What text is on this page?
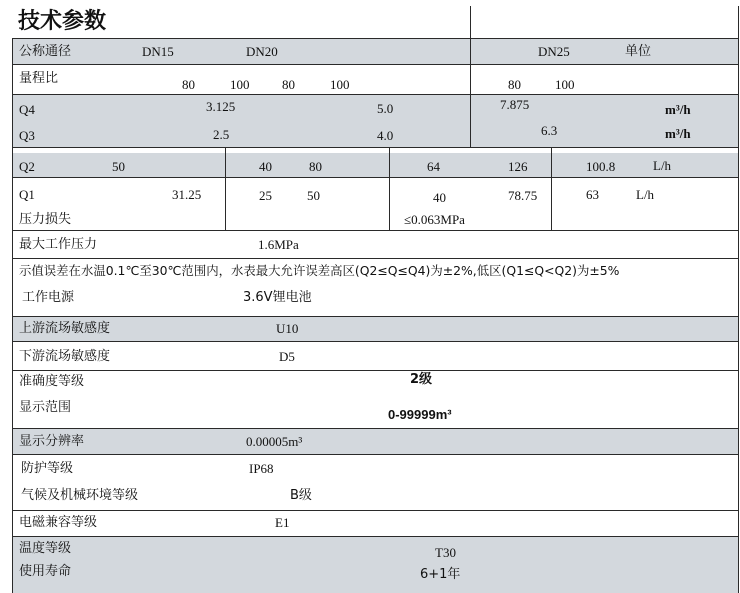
技术参数
公称通径	DN15	DN20	DN25	单位
量程比	80	100	80	100	80	100
Q4	3.125	5.0	7.875	m³/h
Q3	2.5	4.0	6.3	m³/h
Q2	50	40	80	64	126	100.8	L/h
Q1	31.25	25	50	40	78.75	63	L/h
压力损失	≤0.063MPa
最大工作压力	1.6MPa
示值误差在水温0.1℃至30℃范围内，水表最大允许误差高区(Q2≤Q≤Q4)为±2%,低区(Q1≤Q<Q2)为±5%
工作电源	3.6V锂电池
上游流场敏感度	U10
下游流场敏感度	D5
准确度等级	2级
显示范围	0-99999m³
显示分辨率	0.00005m³
防护等级	IP68
气候及机械环境等级	B级
电磁兼容等级	E1
温度等级	T30
使用寿命	6+1年
